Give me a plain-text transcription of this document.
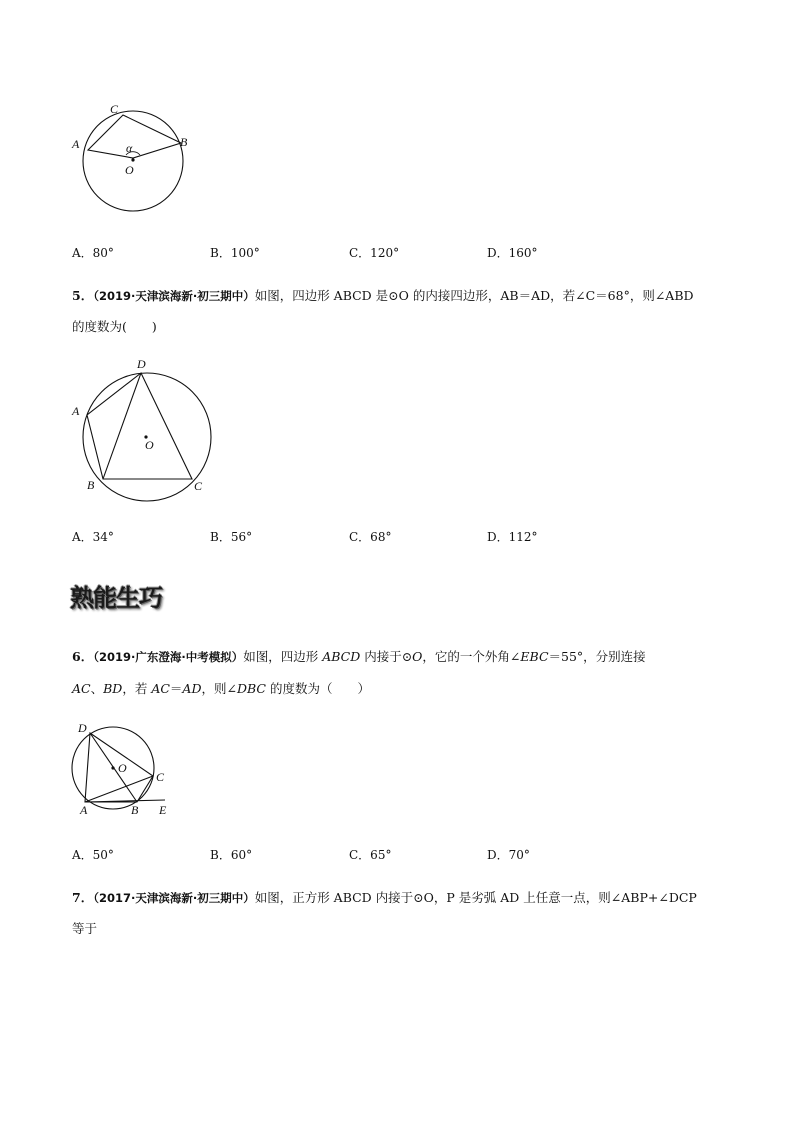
C
A	B
α
O
A．80°	B．100°	C．120°	D．160°
5．（2019·天津滨海新·初三期中）如图，四边形 ABCD 是⊙O 的内接四边形，AB＝AD，若∠C＝68°，则∠ABD
的度数为(　　)
D
A
O
B	C
A．34°	B．56°	C．68°	D．112°
熟能生巧
6．（2019·广东澄海·中考模拟）如图，四边形 ABCD 内接于⊙O，它的一个外角∠EBC＝55°，分别连接
AC、BD，若 AC＝AD，则∠DBC 的度数为（　　）
D
O
C
A	B E
A．50°	B．60°	C．65°	D．70°
7．（2017·天津滨海新·初三期中）如图，正方形 ABCD 内接于⊙O，P 是劣弧 AD 上任意一点，则∠ABP+∠DCP
等于
